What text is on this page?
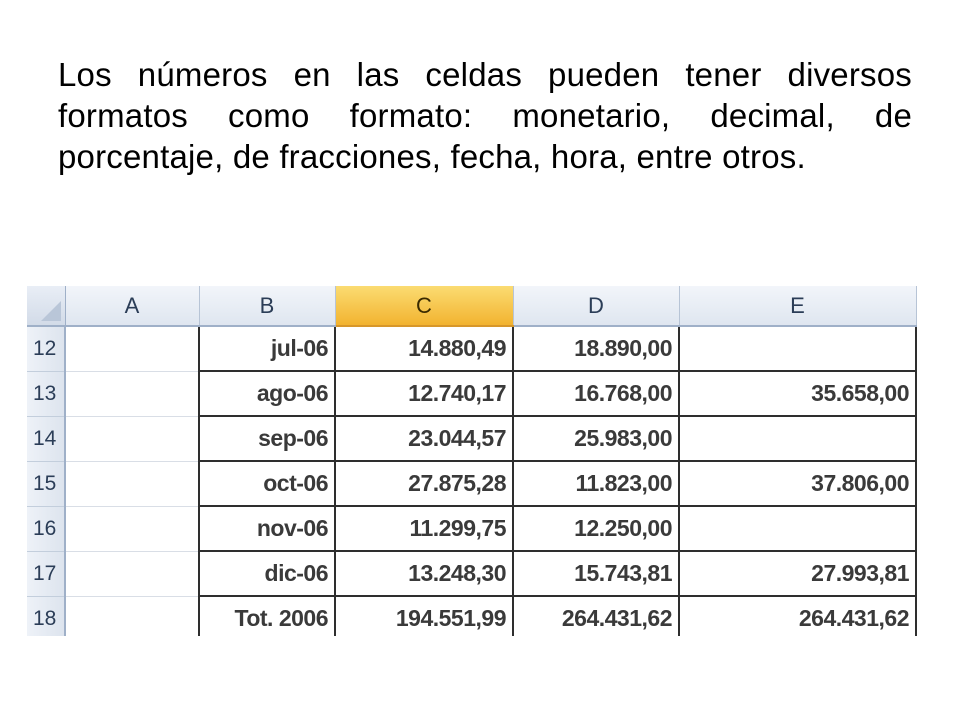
Los números en las celdas pueden tener diversos formatos como formato: monetario, decimal, de porcentaje, de fracciones, fecha, hora, entre otros.
	A	B	C	D	E
12		jul-06	14.880,49	18.890,00	
13		ago-06	12.740,17	16.768,00	35.658,00
14		sep-06	23.044,57	25.983,00	
15		oct-06	27.875,28	11.823,00	37.806,00
16		nov-06	11.299,75	12.250,00	
17		dic-06	13.248,30	15.743,81	27.993,81
18		Tot. 2006	194.551,99	264.431,62	264.431,62
